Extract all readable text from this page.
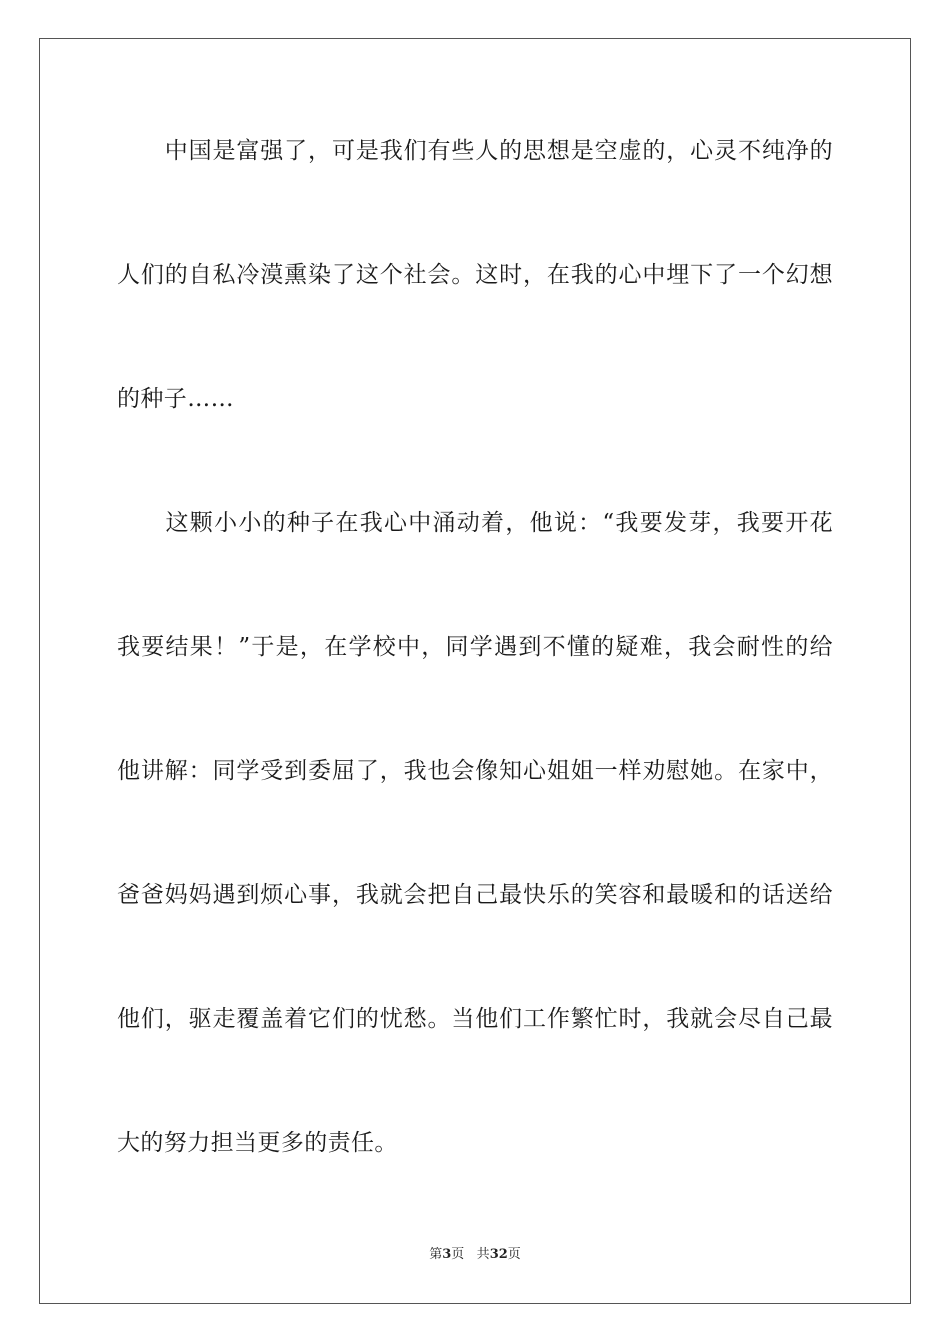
　　中国是富强了，可是我们有些人的思想是空虚的，心灵不纯净的
人们的自私冷漠熏染了这个社会。这时，在我的心中埋下了一个幻想
的种子……
　　这颗小小的种子在我心中涌动着，他说：“我要发芽，我要开花
我要结果！”于是，在学校中，同学遇到不懂的疑难，我会耐性的给
他讲解：同学受到委屈了，我也会像知心姐姐一样劝慰她。在家中，
爸爸妈妈遇到烦心事，我就会把自己最快乐的笑容和最暖和的话送给
他们，驱走覆盖着它们的忧愁。当他们工作繁忙时，我就会尽自己最
大的努力担当更多的责任。
第3页 共32页
